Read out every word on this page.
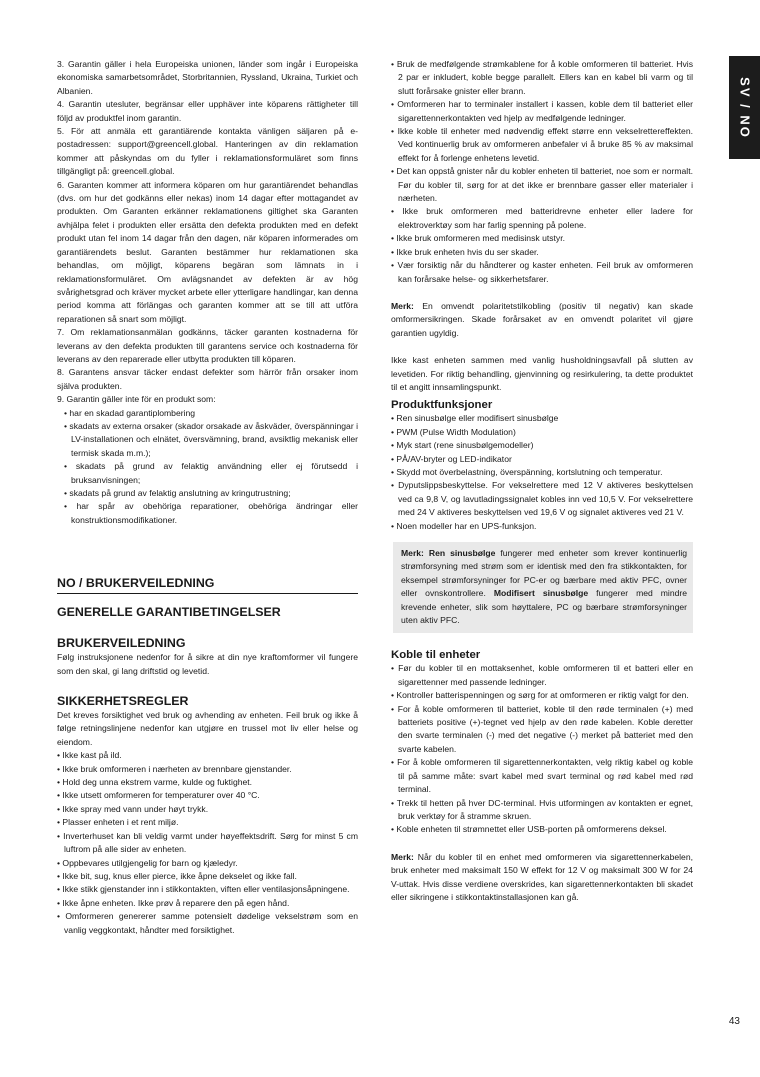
SV / NO

3. Garantin gäller i hela Europeiska unionen, länder som ingår i Europeiska ekonomiska samarbetsområdet, Storbritannien, Ryssland, Ukraina, Turkiet och Albanien.

4. Garantin utesluter, begränsar eller upphäver inte köparens rättigheter till följd av produktfel inom garantin.

5. För att anmäla ett garantiärende kontakta vänligen säljaren på e-postadressen: support@greencell.global. Hanteringen av din reklamation kommer att påskyndas om du fyller i reklamationsformuläret som finns tillgängligt på: greencell.global.

6. Garanten kommer att informera köparen om hur garantiärendet behandlas (dvs. om hur det godkänns eller nekas) inom 14 dagar efter mottagandet av produkten. Om Garanten erkänner reklamationens giltighet ska Garanten avhjälpa felet i produkten eller ersätta den defekta produkten med en defekt produkt utan fel inom 14 dagar från den dagen, när köparen informerades om garantiärendets beslut. Garanten bestämmer hur reklamationen ska behandlas, om möjligt, köparens begäran som lämnats in i reklamationsformuläret. Om avlägsnandet av defekten är av hög svårighetsgrad och kräver mycket arbete eller ytterligare handlingar, kan denna period komma att förlängas och garanten kommer att se till att utföra reparationen så snart som möjligt.

7. Om reklamationsanmälan godkänns, täcker garanten kostnaderna för leverans av den defekta produkten till garantens service och kostnaderna för leverans av den reparerade eller utbytta produkten till köparen.

8. Garantens ansvar täcker endast defekter som härrör från orsaker inom själva produkten.

9. Garantin gäller inte för en produkt som:

• har en skadad garantiplombering

• skadats av externa orsaker (skador orsakade av åskväder, överspänningar i LV-installationen och elnätet, översvämning, brand, avsiktlig mekanisk eller termisk skada m.m.);

• skadats på grund av felaktig användning eller ej förutsedd i bruksanvisningen;

• skadats på grund av felaktig anslutning av kringutrustning;

• har spår av obehöriga reparationer, obehöriga ändringar eller konstruktionsmodifikationer.

NO / BRUKERVEILEDNING
GENERELLE GARANTIBETINGELSER
BRUKERVEILEDNING

Følg instruksjonene nedenfor for å sikre at din nye kraftomformer vil fungere som den skal, gi lang driftstid og levetid.

SIKKERHETSREGLER

Det kreves forsiktighet ved bruk og avhending av enheten. Feil bruk og ikke å følge retningslinjene nedenfor kan utgjøre en trussel mot liv eller helse og eiendom.

• Ikke kast på ild.

• Ikke bruk omformeren i nærheten av brennbare gjenstander.

• Hold deg unna ekstrem varme, kulde og fuktighet.

• Ikke utsett omformeren for temperaturer over 40 °C.

• Ikke spray med vann under høyt trykk.

• Plasser enheten i et rent miljø.

• Inverterhuset kan bli veldig varmt under høyeffektsdrift. Sørg for minst 5 cm luftrom på alle sider av enheten.

• Oppbevares utilgjengelig for barn og kjæledyr.

• Ikke bit, sug, knus eller pierce, ikke åpne dekselet og ikke fall.

• Ikke stikk gjenstander inn i stikkontakten, viften eller ventilasjonsåpningene.

• Ikke åpne enheten. Ikke prøv å reparere den på egen hånd.

• Omformeren genererer samme potensielt dødelige vekselstrøm som en vanlig veggkontakt, håndter med forsiktighet.

• Bruk de medfølgende strømkablene for å koble omformeren til batteriet. Hvis 2 par er inkludert, koble begge parallelt. Ellers kan en kabel bli varm og til slutt forårsake gnister eller brann.

• Omformeren har to terminaler installert i kassen, koble dem til batteriet eller sigarettennerkontakten ved hjelp av medfølgende ledninger.

• Ikke koble til enheter med nødvendig effekt større enn vekselrettereffekten. Ved kontinuerlig bruk av omformeren anbefaler vi å bruke 85 % av maksimal effekt for å forlenge enhetens levetid.

• Det kan oppstå gnister når du kobler enheten til batteriet, noe som er normalt. Før du kobler til, sørg for at det ikke er brennbare gasser eller materialer i nærheten.

• Ikke bruk omformeren med batteridrevne enheter eller ladere for elektroverktøy som har farlig spenning på polene.

• Ikke bruk omformeren med medisinsk utstyr.

• Ikke bruk enheten hvis du ser skader.

• Vær forsiktig når du håndterer og kaster enheten. Feil bruk av omformeren kan forårsake helse- og sikkerhetsfarer.

Merk: En omvendt polaritetstilkobling (positiv til negativ) kan skade omformersikringen. Skade forårsaket av en omvendt polaritet vil gjøre garantien ugyldig.

Ikke kast enheten sammen med vanlig husholdningsavfall på slutten av levetiden. For riktig behandling, gjenvinning og resirkulering, ta dette produktet til et angitt innsamlingspunkt.

Produktfunksjoner

• Ren sinusbølge eller modifisert sinusbølge

• PWM (Pulse Width Modulation)

• Myk start (rene sinusbølgemodeller)

• PÅ/AV-bryter og LED-indikator

• Skydd mot överbelastning, överspänning, kortslutning och temperatur.

• Dyputslippsbeskyttelse. For vekselrettere med 12 V aktiveres beskyttelsen ved ca 9,8 V, og lavutladingssignalet kobles inn ved 10,5 V. For vekselrettere med 24 V aktiveres beskyttelsen ved 19,6 V og signalet aktiveres ved 21 V.

• Noen modeller har en UPS-funksjon.

Merk: Ren sinusbølge fungerer med enheter som krever kontinuerlig strømforsyning med strøm som er identisk med den fra stikkontakten, for eksempel strømforsyninger for PC-er og bærbare med aktiv PFC, ovner eller ovnskontrollere. Modifisert sinusbølge fungerer med mindre krevende enheter, slik som høyttalere, PC og bærbare strømforsyninger uten aktiv PFC.

Koble til enheter

• Før du kobler til en mottaksenhet, koble omformeren til et batteri eller en sigarettenner med passende ledninger.

• Kontroller batterispenningen og sørg for at omformeren er riktig valgt for den.

• For å koble omformeren til batteriet, koble til den røde terminalen (+) med batteriets positive (+)-tegnet ved hjelp av den røde kabelen. Koble deretter den svarte terminalen (-) med det negative (-) merket på batteriet med den svarte kabelen.

• For å koble omformeren til sigarettennerkontakten, velg riktig kabel og koble til på samme måte: svart kabel med svart terminal og rød kabel med rød terminal.

• Trekk til hetten på hver DC-terminal. Hvis utformingen av kontakten er egnet, bruk verktøy for å stramme skruen.

• Koble enheten til strømnettet eller USB-porten på omformerens deksel.

Merk: Når du kobler til en enhet med omformeren via sigarettennerkabelen, bruk enheter med maksimalt 150 W effekt for 12 V og maksimalt 300 W for 24 V-uttak. Hvis disse verdiene overskrides, kan sigarettennerkontakten bli skadet eller sikringene i stikkontaktinstallasjonen kan gå.

43
